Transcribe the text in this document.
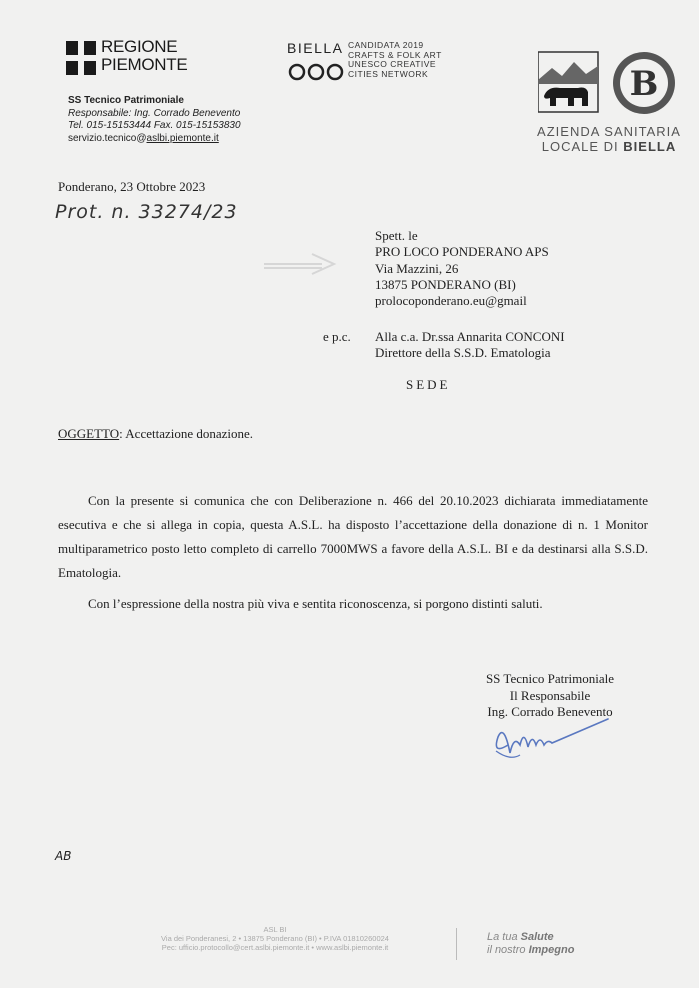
REGIONE
PIEMONTE
SS Tecnico Patrimoniale
Responsabile: Ing. Corrado Benevento
Tel. 015-15153444 Fax. 015-15153830
servizio.tecnico@aslbi.piemonte.it
BIELLA CANDIDATA 2019
CRAFTS & FOLK ART
UNESCO CREATIVE
CITIES NETWORK	B
AZIENDA SANITARIA
LOCALE DI BIELLA
Ponderano, 23 Ottobre 2023
Prot. n. 33274/23
Spett. le
PRO LOCO PONDERANO APS
Via Mazzini, 26
13875 PONDERANO (BI)
prolocoponderano.eu@gmail
e p.c. Alla c.a. Dr.ssa Annarita CONCONI
Direttore della S.S.D. Ematologia
SEDE
OGGETTO: Accettazione donazione.
Con la presente si comunica che con Deliberazione n. 466 del 20.10.2023 dichiarata immediatamente esecutiva e che si allega in copia, questa A.S.L. ha disposto l’accettazione della donazione di n. 1 Monitor multiparametrico posto letto completo di carrello 7000MWS a favore della A.S.L. BI e da destinarsi alla S.S.D. Ematologia.
Con l’espressione della nostra più viva e sentita riconoscenza, si porgono distinti saluti.
SS Tecnico Patrimoniale
Il Responsabile
Ing. Corrado Benevento
AB
ASL BI
Via dei Ponderanesi, 2 • 13875 Ponderano (BI) • P.IVA 01810260024
Pec: ufficio.protocollo@cert.aslbi.piemonte.it • www.aslbi.piemonte.it
La tua Salute
il nostro Impegno
